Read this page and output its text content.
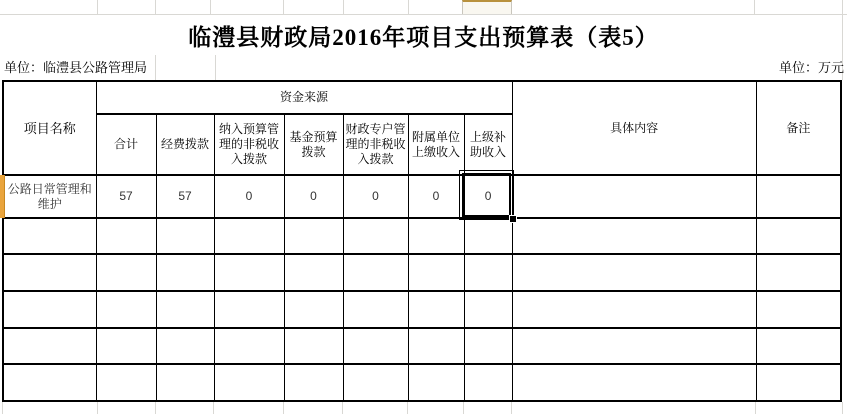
临澧县财政局2016年项目支出预算表（表5）
单位：临澧县公路管理局	单位：万元
项目名称	资金来源							具体内容	备注
	合计	经费拨款	纳入预算管理的非税收入拨款	基金预算拨款	财政专户管理的非税收入拨款	附属单位上缴收入	上级补助收入		
公路日常管理和维护	57	57	0	0	0	0	0		
